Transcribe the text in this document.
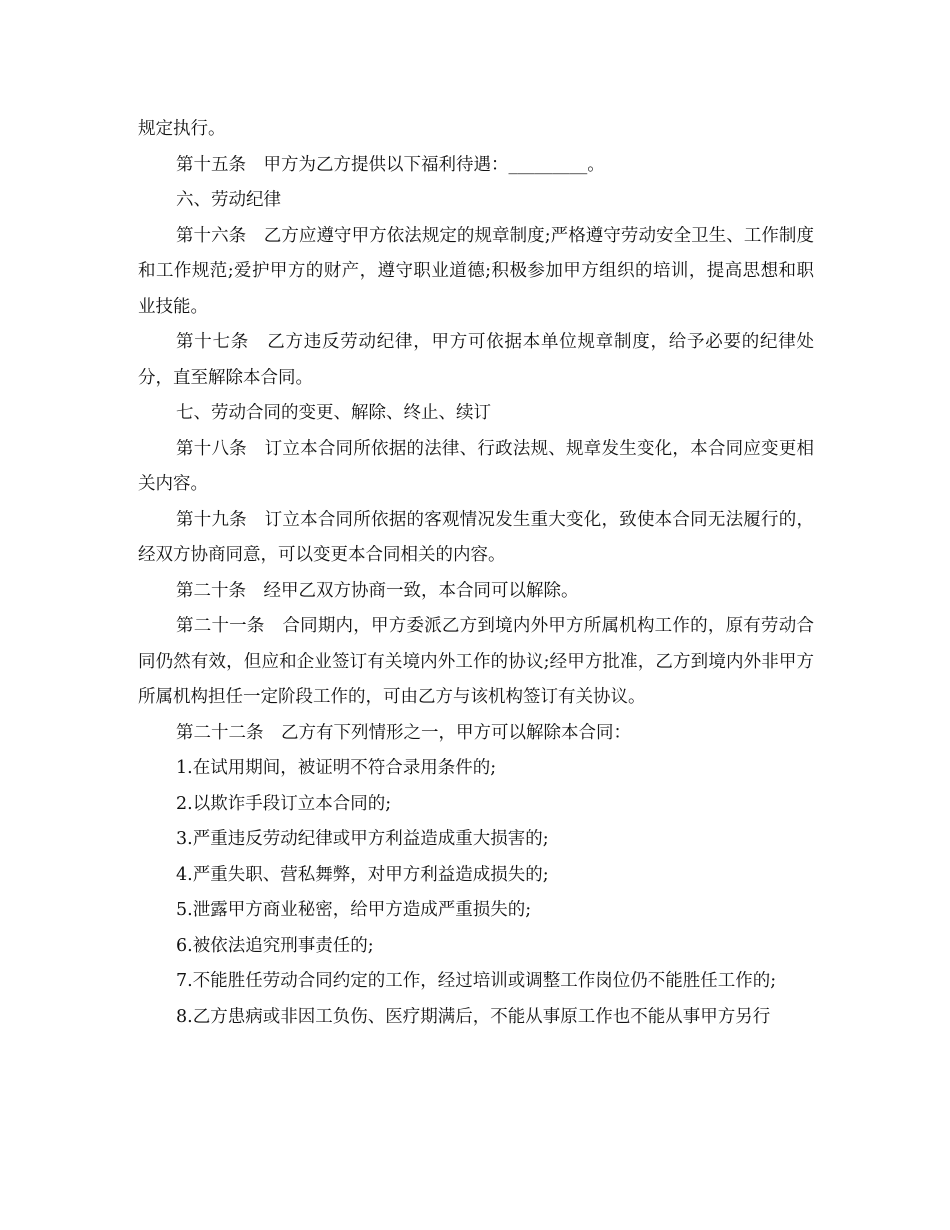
规定执行。

第十五条　甲方为乙方提供以下福利待遇：_________。

六、劳动纪律

第十六条　乙方应遵守甲方依法规定的规章制度;严格遵守劳动安全卫生、工作制度和工作规范;爱护甲方的财产，遵守职业道德;积极参加甲方组织的培训，提高思想和职业技能。

第十七条　乙方违反劳动纪律，甲方可依据本单位规章制度，给予必要的纪律处分，直至解除本合同。

七、劳动合同的变更、解除、终止、续订

第十八条　订立本合同所依据的法律、行政法规、规章发生变化，本合同应变更相关内容。

第十九条　订立本合同所依据的客观情况发生重大变化，致使本合同无法履行的，经双方协商同意，可以变更本合同相关的内容。

第二十条　经甲乙双方协商一致，本合同可以解除。

第二十一条　合同期内，甲方委派乙方到境内外甲方所属机构工作的，原有劳动合同仍然有效，但应和企业签订有关境内外工作的协议;经甲方批准，乙方到境内外非甲方所属机构担任一定阶段工作的，可由乙方与该机构签订有关协议。

第二十二条　乙方有下列情形之一，甲方可以解除本合同：

1.在试用期间，被证明不符合录用条件的;

2.以欺诈手段订立本合同的;

3.严重违反劳动纪律或甲方利益造成重大损害的;

4.严重失职、营私舞弊，对甲方利益造成损失的;

5.泄露甲方商业秘密，给甲方造成严重损失的;

6.被依法追究刑事责任的;

7.不能胜任劳动合同约定的工作，经过培训或调整工作岗位仍不能胜任工作的;

8.乙方患病或非因工负伤、医疗期满后，不能从事原工作也不能从事甲方另行
